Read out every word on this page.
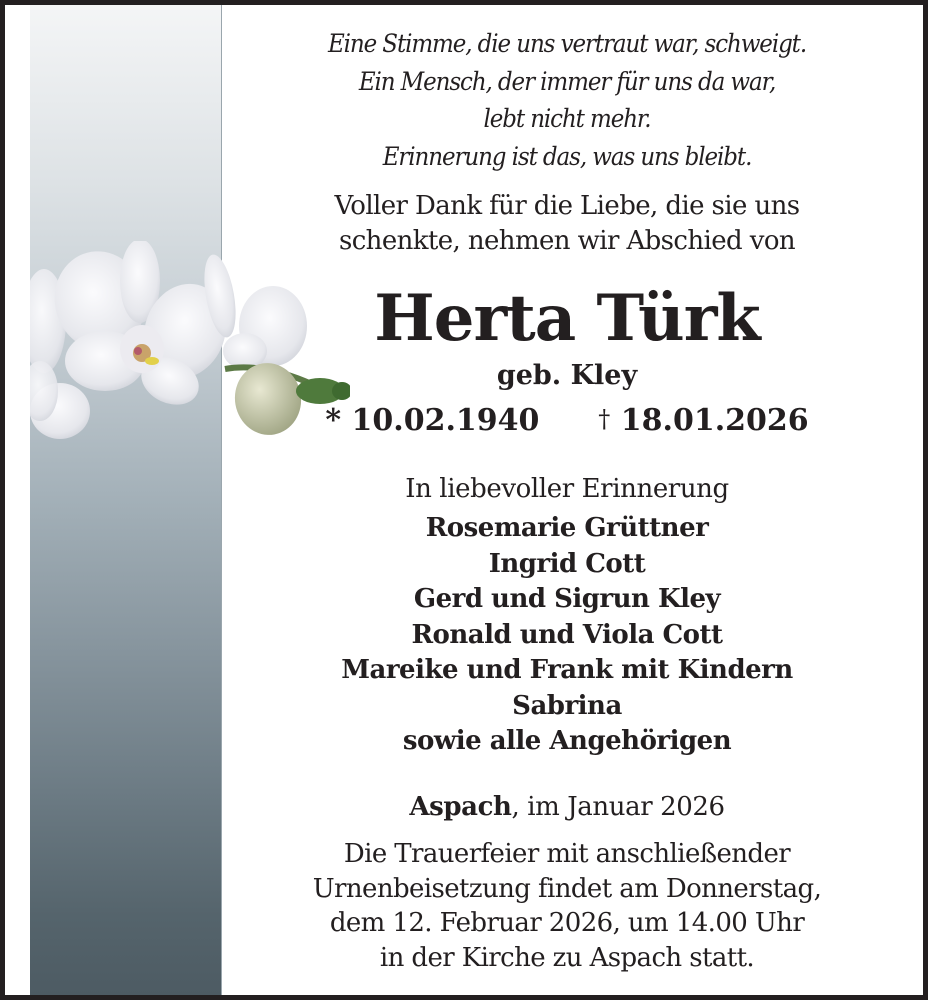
Eine Stimme, die uns vertraut war, schweigt.
Ein Mensch, der immer für uns da war,
lebt nicht mehr.
Erinnerung ist das, was uns bleibt.
Voller Dank für die Liebe, die sie uns
schenkte, nehmen wir Abschied von
Herta Türk
geb. Kley
* 10.02.1940 † 18.01.2026
In liebevoller Erinnerung
Rosemarie Grüttner
Ingrid Cott
Gerd und Sigrun Kley
Ronald und Viola Cott
Mareike und Frank mit Kindern
Sabrina
sowie alle Angehörigen
Aspach, im Januar 2026
Die Trauerfeier mit anschließender
Urnenbeisetzung findet am Donnerstag,
dem 12. Februar 2026, um 14.00 Uhr
in der Kirche zu Aspach statt.
